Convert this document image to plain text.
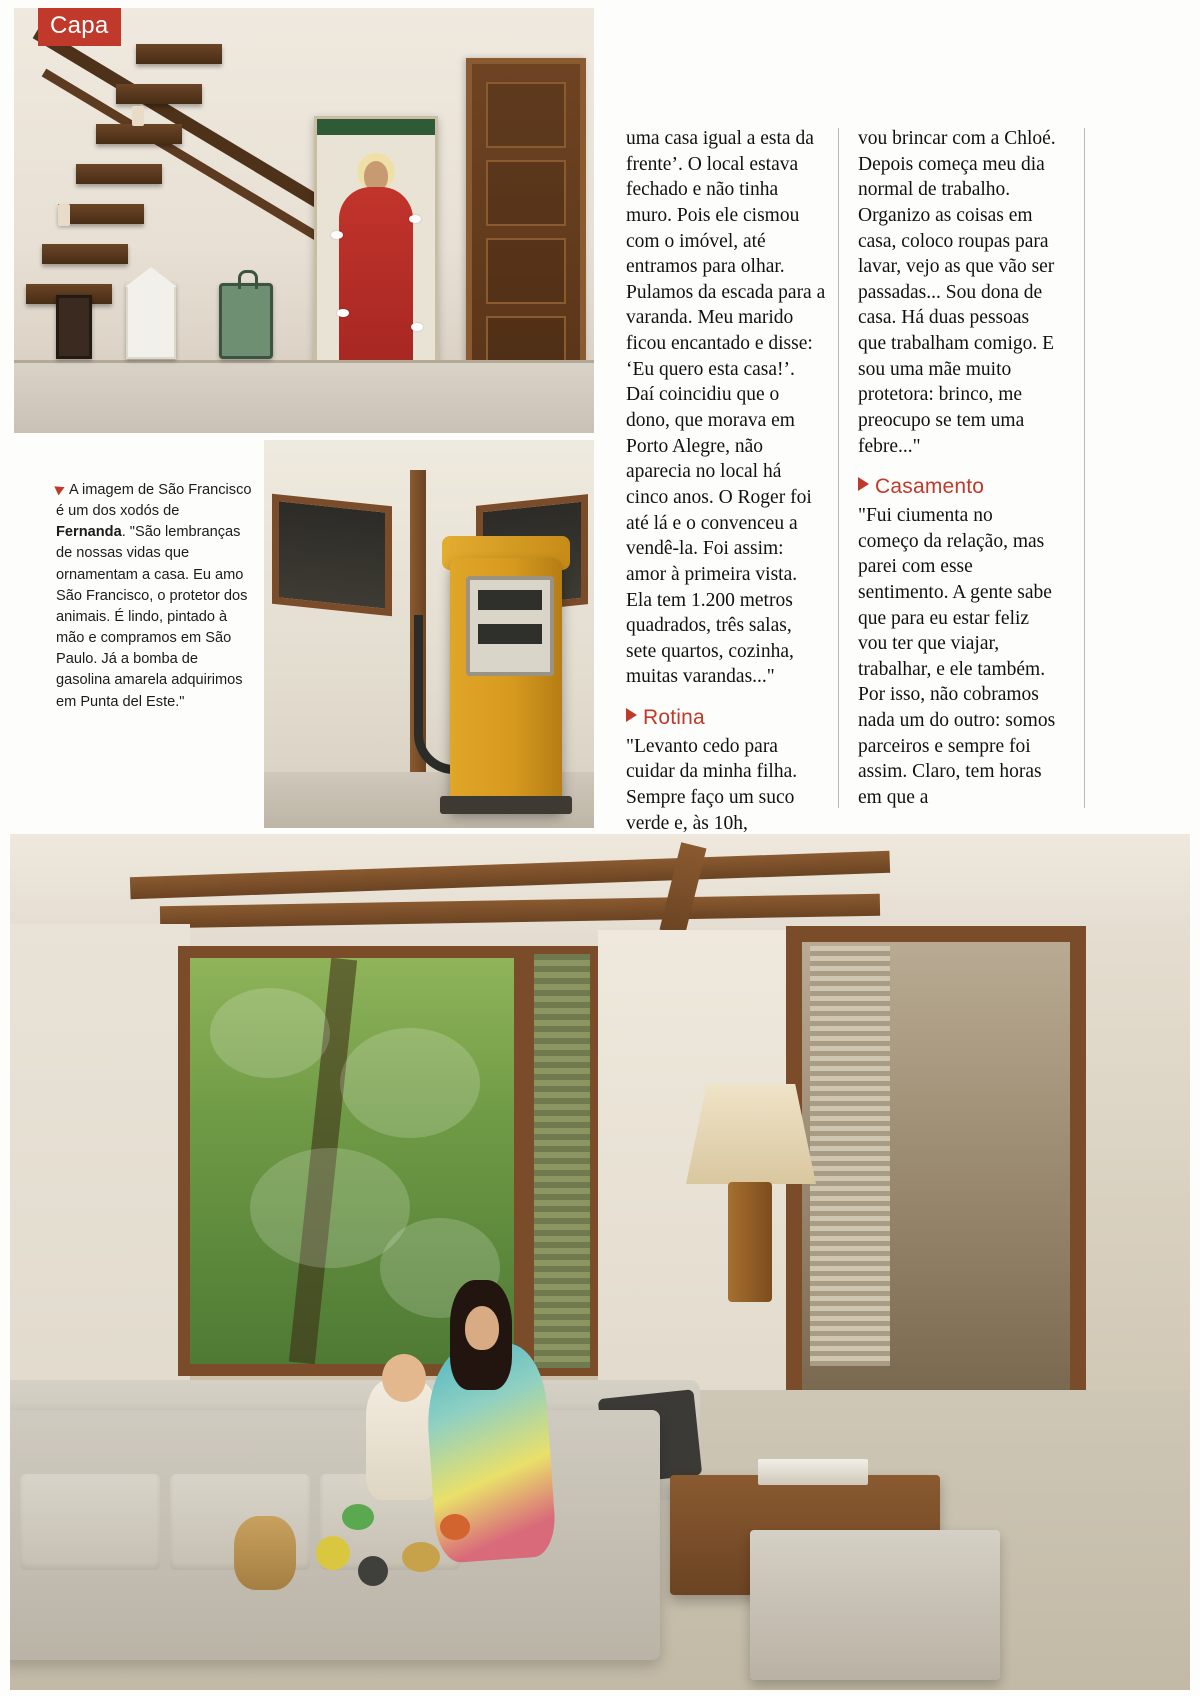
Capa
A imagem de São Francisco é um dos xodós de Fernanda. "São lembranças de nossas vidas que ornamentam a casa. Eu amo São Francisco, o protetor dos animais. É lindo, pintado à mão e compramos em São Paulo. Já a bomba de gasolina amarela adquirimos em Punta del Este."

uma casa igual a esta da frente’. O local estava fechado e não tinha muro. Pois ele cismou com o imóvel, até entramos para olhar. Pulamos da escada para a varanda. Meu marido ficou encantado e disse: ‘Eu quero esta casa!’. Daí coincidiu que o dono, que morava em Porto Alegre, não aparecia no local há cinco anos. O Roger foi até lá e o convenceu a vendê-la. Foi assim: amor à primeira vista. Ela tem 1.200 metros quadrados, três salas, sete quartos, cozinha, muitas varandas..."

Rotina

"Levanto cedo para cuidar da minha filha. Sempre faço um suco verde e, às 10h,

vou brincar com a Chloé. Depois começa meu dia normal de trabalho. Organizo as coisas em casa, coloco roupas para lavar, vejo as que vão ser passadas... Sou dona de casa. Há duas pessoas que trabalham comigo. E sou uma mãe muito protetora: brinco, me preocupo se tem uma febre..."

Casamento

"Fui ciumenta no começo da relação, mas parei com esse sentimento. A gente sabe que para eu estar feliz vou ter que viajar, trabalhar, e ele também. Por isso, não cobramos nada um do outro: somos parceiros e sempre foi assim. Claro, tem horas em que a
